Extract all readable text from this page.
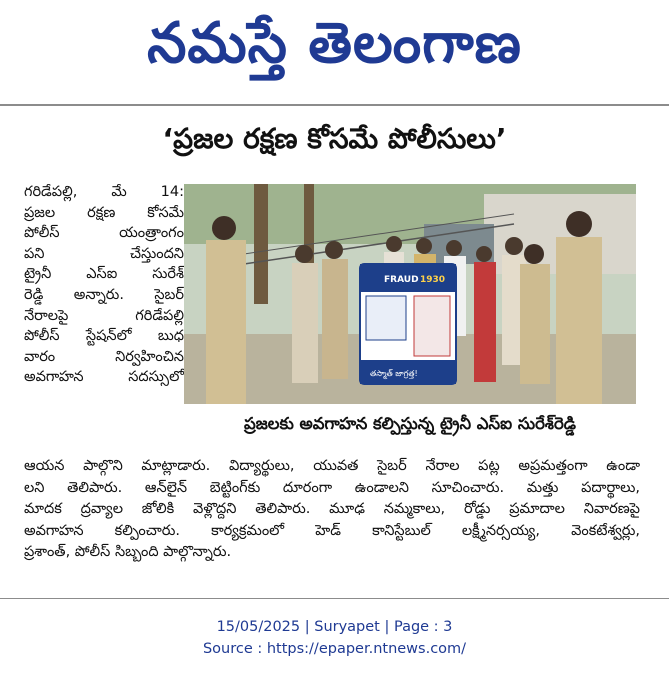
నమస్తే తెలంగాణ
‘ప్రజల రక్షణ కోసమే పోలీసులు’
గరిడేపల్లి, మే 14:
ప్రజల రక్షణ కోసమే
పోలీస్ యంత్రాంగం
పని చేస్తుందని
ట్రైనీ ఎస్ఐ సురేశ్
రెడ్డి అన్నారు. సైబర్
నేరాలపై గరిడేపల్లి
పోలీస్ స్టేషన్‌లో బుధ
వారం నిర్వహించిన
అవగాహన సదస్సులో
FRAUD 1930
తస్మాత్ జాగ్రత్త!
ప్రజలకు అవగాహన కల్పిస్తున్న ట్రైనీ ఎస్ఐ సురేశ్‌రెడ్డి
ఆయన పాల్గొని మాట్లాడారు. విద్యార్థులు, యువత సైబర్ నేరాల పట్ల అప్రమత్తంగా ఉండా
లని తెలిపారు. ఆన్‌లైన్ బెట్టింగ్‌కు దూరంగా ఉండాలని సూచించారు. మత్తు పదార్థాలు,
మాదక ద్రవ్యాల జోలికి వెళ్లొద్దని తెలిపారు. మూఢ నమ్మకాలు, రోడ్డు ప్రమాదాల నివారణపై
అవగాహన కల్పించారు. కార్యక్రమంలో హెడ్ కానిస్టేబుల్ లక్ష్మీనర్సయ్య, వెంకటేశ్వర్లు,
ప్రశాంత్, పోలీస్ సిబ్బంది పాల్గొన్నారు.
15/05/2025 | Suryapet | Page : 3
Source : https://epaper.ntnews.com/
